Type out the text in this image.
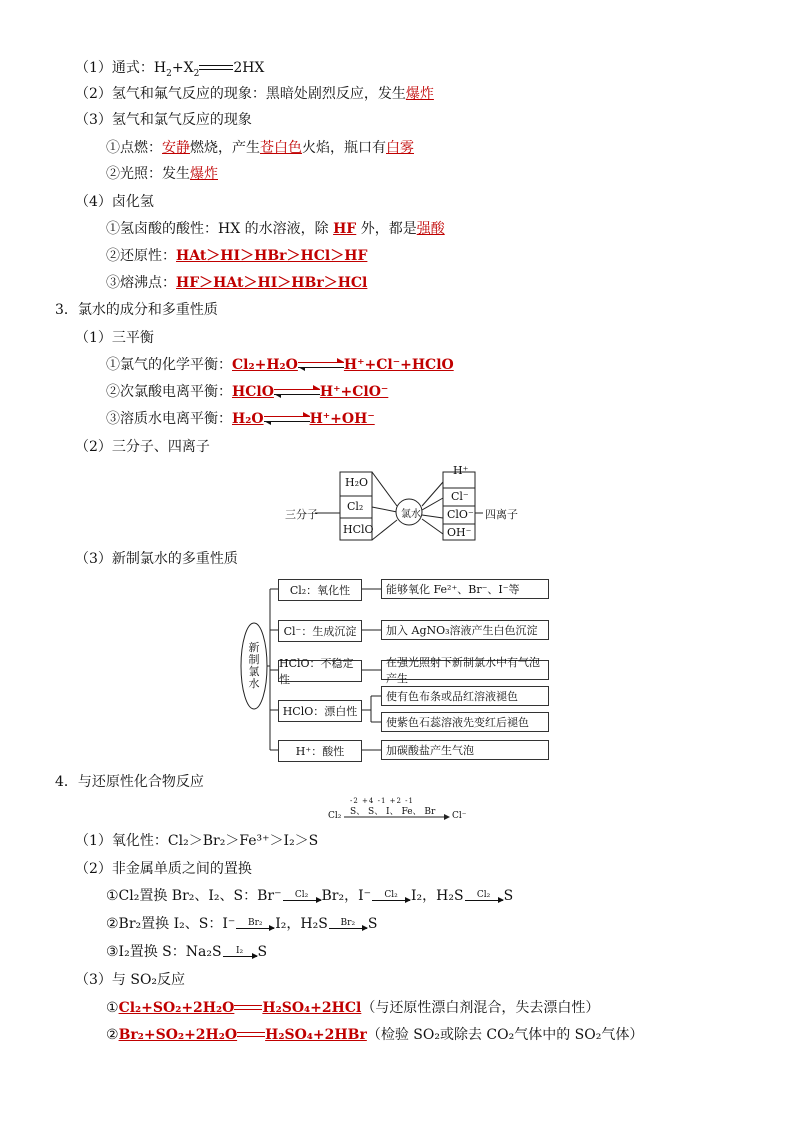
（1）通式：$H_2+X_2$ 2HX
（2）氢气和氟气反应的现象：黑暗处剧烈反应，发生爆炸
（3）氢气和氯气反应的现象
①点燃：安静燃烧，产生苍白色火焰，瓶口有白雾
②光照：发生爆炸
（4）卤化氢
①氢卤酸的酸性：HX 的水溶液，除 HF 外，都是强酸
②还原性：HAt＞HI＞HBr＞HCl＞HF
③熔沸点：HF＞HAt＞HI＞HBr＞HCl
3．氯水的成分和多重性质
（1）三平衡
①氯气的化学平衡：Cl₂+H₂O⇌H⁺+Cl⁻+HClO
②次氯酸电离平衡：HClO⇌H⁺+ClO⁻
③溶质水电离平衡：H₂O⇌H⁺+OH⁻
（2）三分子、四离子
三分子	四离子
氯水
H₂O
Cl₂
HClO
H⁺
Cl⁻
ClO⁻
OH⁻
（3）新制氯水的多重性质
新制氯水
Cl₂：氧化性	能够氧化 Fe²⁺、Br⁻、I⁻等
Cl⁻：生成沉淀	加入 AgNO₃溶液产生白色沉淀
HClO：不稳定性
在强光照射下新制氯水中有气泡产生
HClO：漂白性
使有色布条或品红溶液褪色
使紫色石蕊溶液先变红后褪色
H⁺：酸性	加碳酸盐产生气泡
4．与还原性化合物反应
-2 +4 -1 +2 -1
S、 S、 I、 Fe、 Br
Cl₂	Cl⁻
（1）氧化性：Cl₂＞Br₂＞Fe³⁺＞I₂＞S
（2）非金属单质之间的置换
①Cl₂置换 Br₂、I₂、S：Br⁻	Cl₂ Br₂，I⁻	Cl₂ I₂，H₂S	Cl₂ S
②Br₂置换 I₂、S：I⁻	Br₂ I₂，H₂S	Br₂ S
③I₂置换 S：Na₂S	I₂	S
（3）与 SO₂反应
①Cl₂+SO₂+2H₂O H₂SO₄+2HCl（与还原性漂白剂混合，失去漂白性）
②Br₂+SO₂+2H₂O H₂SO₄+2HBr（检验 SO₂或除去 CO₂气体中的 SO₂气体）
